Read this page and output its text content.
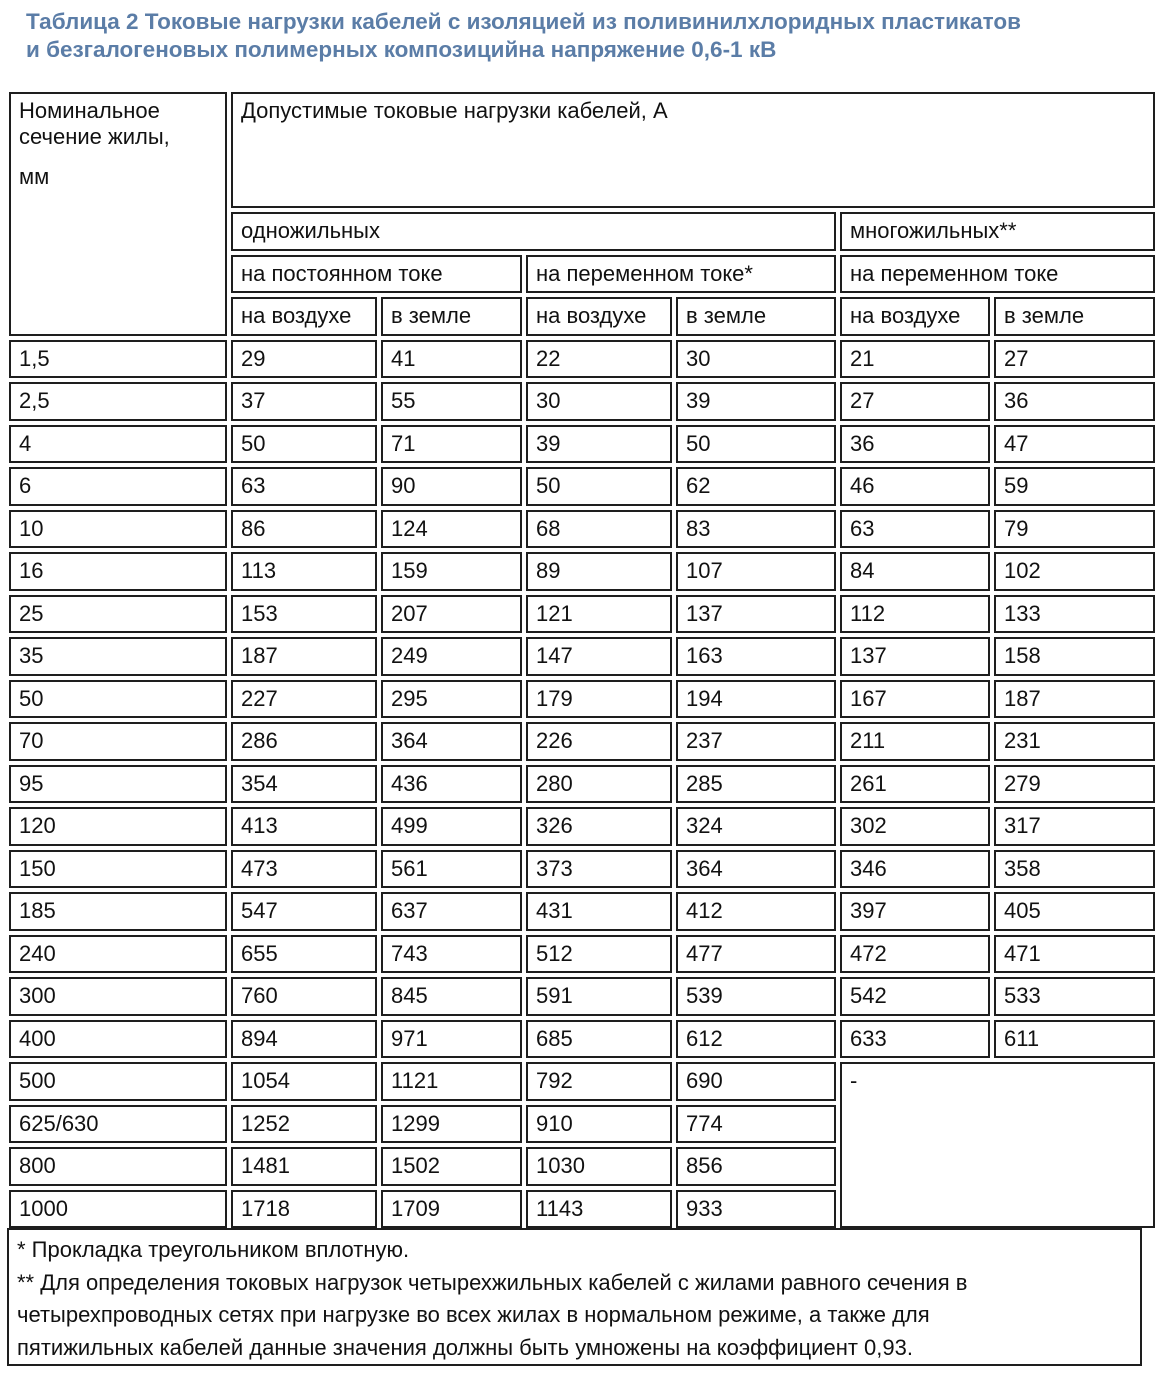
Таблица 2 Токовые нагрузки кабелей с изоляцией из поливинилхлоридных пластикатов
и безгалогеновых полимерных композицийна напряжение 0,6-1 кВ
Номинальное
сечение жилы,
мм	Допустимые токовые нагрузки кабелей, А					
	одножильных				многожильных**	
	на постоянном токе		на переменном токе*		на переменном токе	
	на воздухе	в земле	на воздухе	в земле	на воздухе	в земле
1,5	29	41	22	30	21	27
2,5	37	55	30	39	27	36
4	50	71	39	50	36	47
6	63	90	50	62	46	59
10	86	124	68	83	63	79
16	113	159	89	107	84	102
25	153	207	121	137	112	133
35	187	249	147	163	137	158
50	227	295	179	194	167	187
70	286	364	226	237	211	231
95	354	436	280	285	261	279
120	413	499	326	324	302	317
150	473	561	373	364	346	358
185	547	637	431	412	397	405
240	655	743	512	477	472	471
300	760	845	591	539	542	533
400	894	971	685	612	633	611
500	1054	1121	792	690	-	
625/630	1252	1299	910	774		
800	1481	1502	1030	856		
1000	1718	1709	1143	933		
* Прокладка треугольником вплотную.
** Для определения токовых нагрузок четырехжильных кабелей с жилами равного сечения в
четырехпроводных сетях при нагрузке во всех жилах в нормальном режиме, а также для
пятижильных кабелей данные значения должны быть умножены на коэффициент 0,93.
